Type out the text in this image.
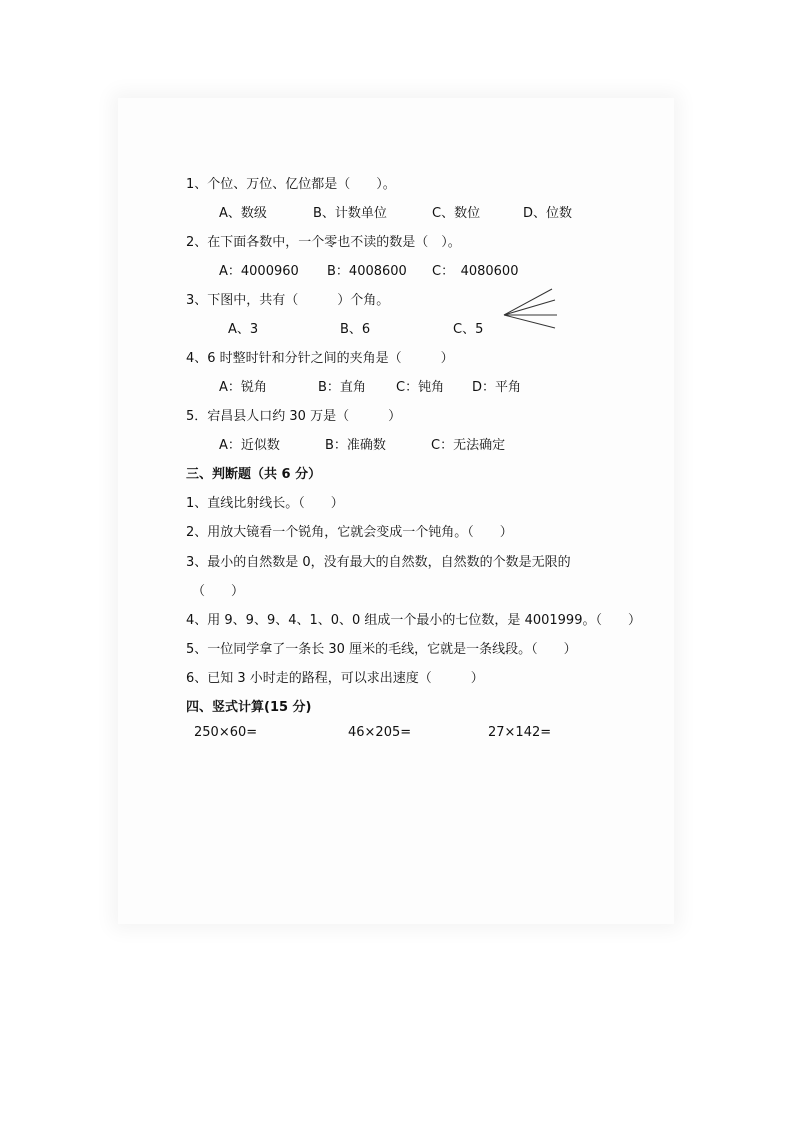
1、个位、万位、亿位都是（　　）。
A、数级	B、计数单位	C、数位	D、位数
2、在下面各数中，一个零也不读的数是（　）。
A：4000960 B：4008600 C：　4080600
3、下图中，共有（　　　）个角。
A、3	B、6	C、5
4、6 时整时针和分针之间的夹角是（　　　）
A：锐角	B：直角 C：钝角 D：平角
5．宕昌县人口约 30 万是（　　　）
A：近似数	B：准确数	C：无法确定
三、判断题（共 6 分）
1、直线比射线长。（　　）
2、用放大镜看一个锐角，它就会变成一个钝角。（　　）
3、最小的自然数是 0，没有最大的自然数，自然数的个数是无限的
（　　）
4、用 9、9、9、4、1、0、0 组成一个最小的七位数，是 4001999。（　　）
5、一位同学拿了一条长 30 厘米的毛线，它就是一条线段。（　　）
6、已知 3 小时走的路程，可以求出速度（　　　）
四、竖式计算(15 分)
250×60=	46×205=	27×142=
